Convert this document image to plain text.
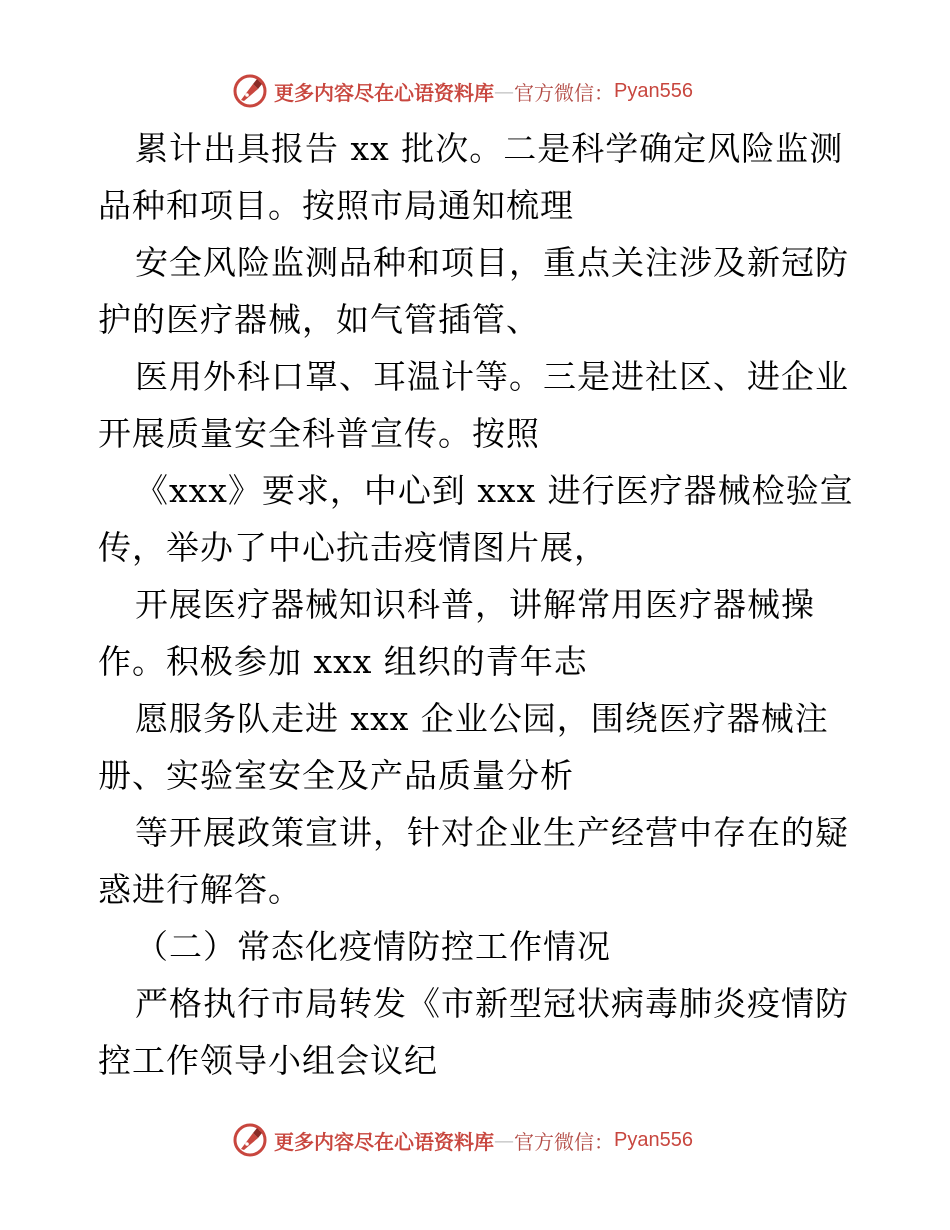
更多内容尽在心语资料库 — 官方微信： Pyan556
累计出具报告 xx 批次。二是科学确定风险监测
品种和项目。按照市局通知梳理
安全风险监测品种和项目，重点关注涉及新冠防
护的医疗器械，如气管插管、
医用外科口罩、耳温计等。三是进社区、进企业
开展质量安全科普宣传。按照
《xxx》要求，中心到 xxx 进行医疗器械检验宣
传，举办了中心抗击疫情图片展，
开展医疗器械知识科普，讲解常用医疗器械操
作。积极参加 xxx 组织的青年志
愿服务队走进 xxx 企业公园，围绕医疗器械注
册、实验室安全及产品质量分析
等开展政策宣讲，针对企业生产经营中存在的疑
惑进行解答。
（二）常态化疫情防控工作情况
严格执行市局转发《市新型冠状病毒肺炎疫情防
控工作领导小组会议纪
更多内容尽在心语资料库 — 官方微信： Pyan556
